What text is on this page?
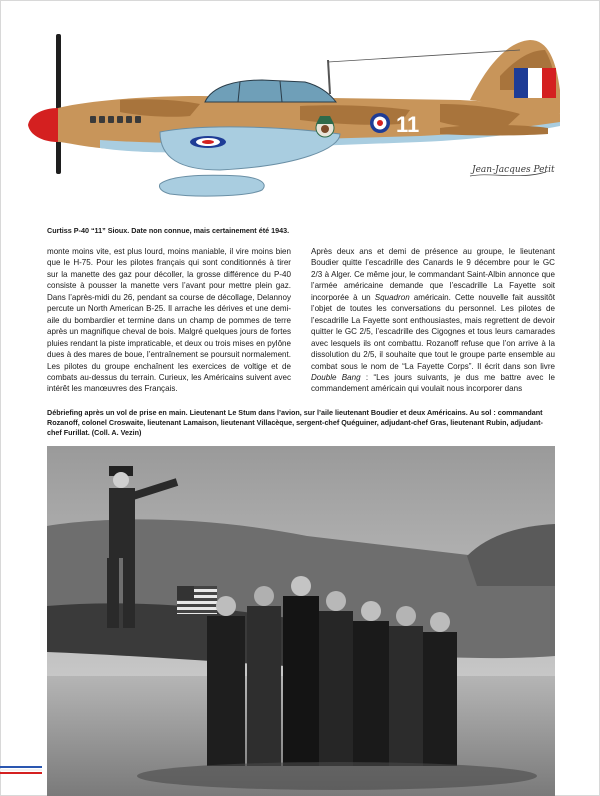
11
Jean-Jacques Petit
Curtiss P-40 “11” Sioux. Date non connue, mais certainement été 1943.

monte moins vite, est plus lourd, moins maniable, il vire moins bien que le H-75. Pour les pilotes français qui sont conditionnés à tirer sur la manette des gaz pour décoller, la grosse différence du P-40 consiste à pousser la manette vers l’avant pour mettre plein gaz. Dans l’après-midi du 26, pendant sa course de décollage, Delannoy percute un North American B-25. Il arrache les dérives et une demi-aile du bombardier et termine dans un champ de pommes de terre après un magnifique cheval de bois. Malgré quelques jours de fortes pluies rendant la piste impraticable, et deux ou trois mises en pylône dues à des mares de boue, l’entraînement se poursuit normalement. Les pilotes du groupe enchaînent les exercices de voltige et de combats au-dessus du terrain. Curieux, les Américains suivent avec intérêt les manœuvres des Français.

Après deux ans et demi de présence au groupe, le lieutenant Boudier quitte l’escadrille des Canards le 9 décembre pour le GC 2/3 à Alger. Ce même jour, le commandant Saint-Albin annonce que l’armée américaine demande que l’escadrille La Fayette soit incorporée à un Squadron américain. Cette nouvelle fait aussitôt l’objet de toutes les conversations du personnel. Les pilotes de l’escadrille La Fayette sont enthousiastes, mais regrettent de devoir quitter le GC 2/5, l’escadrille des Cigognes et tous leurs camarades avec lesquels ils ont combattu. Rozanoff refuse que l’on arrive à la dissolution du 2/5, il souhaite que tout le groupe parte ensemble au combat sous le nom de “La Fayette Corps”. Il écrit dans son livre Double Bang : “Les jours suivants, je dus me battre avec le commandement américain qui voulait nous incorporer dans

Débriefing après un vol de prise en main. Lieutenant Le Stum dans l’avion, sur l’aile lieutenant Boudier et deux Américains. Au sol : commandant Rozanoff, colonel Croswaite, lieutenant Lamaison, lieutenant Villacèque, sergent-chef Quéguiner, adjudant-chef Gras, lieutenant Rubin, adjudant-chef Furillat. (Coll. A. Vezin)
